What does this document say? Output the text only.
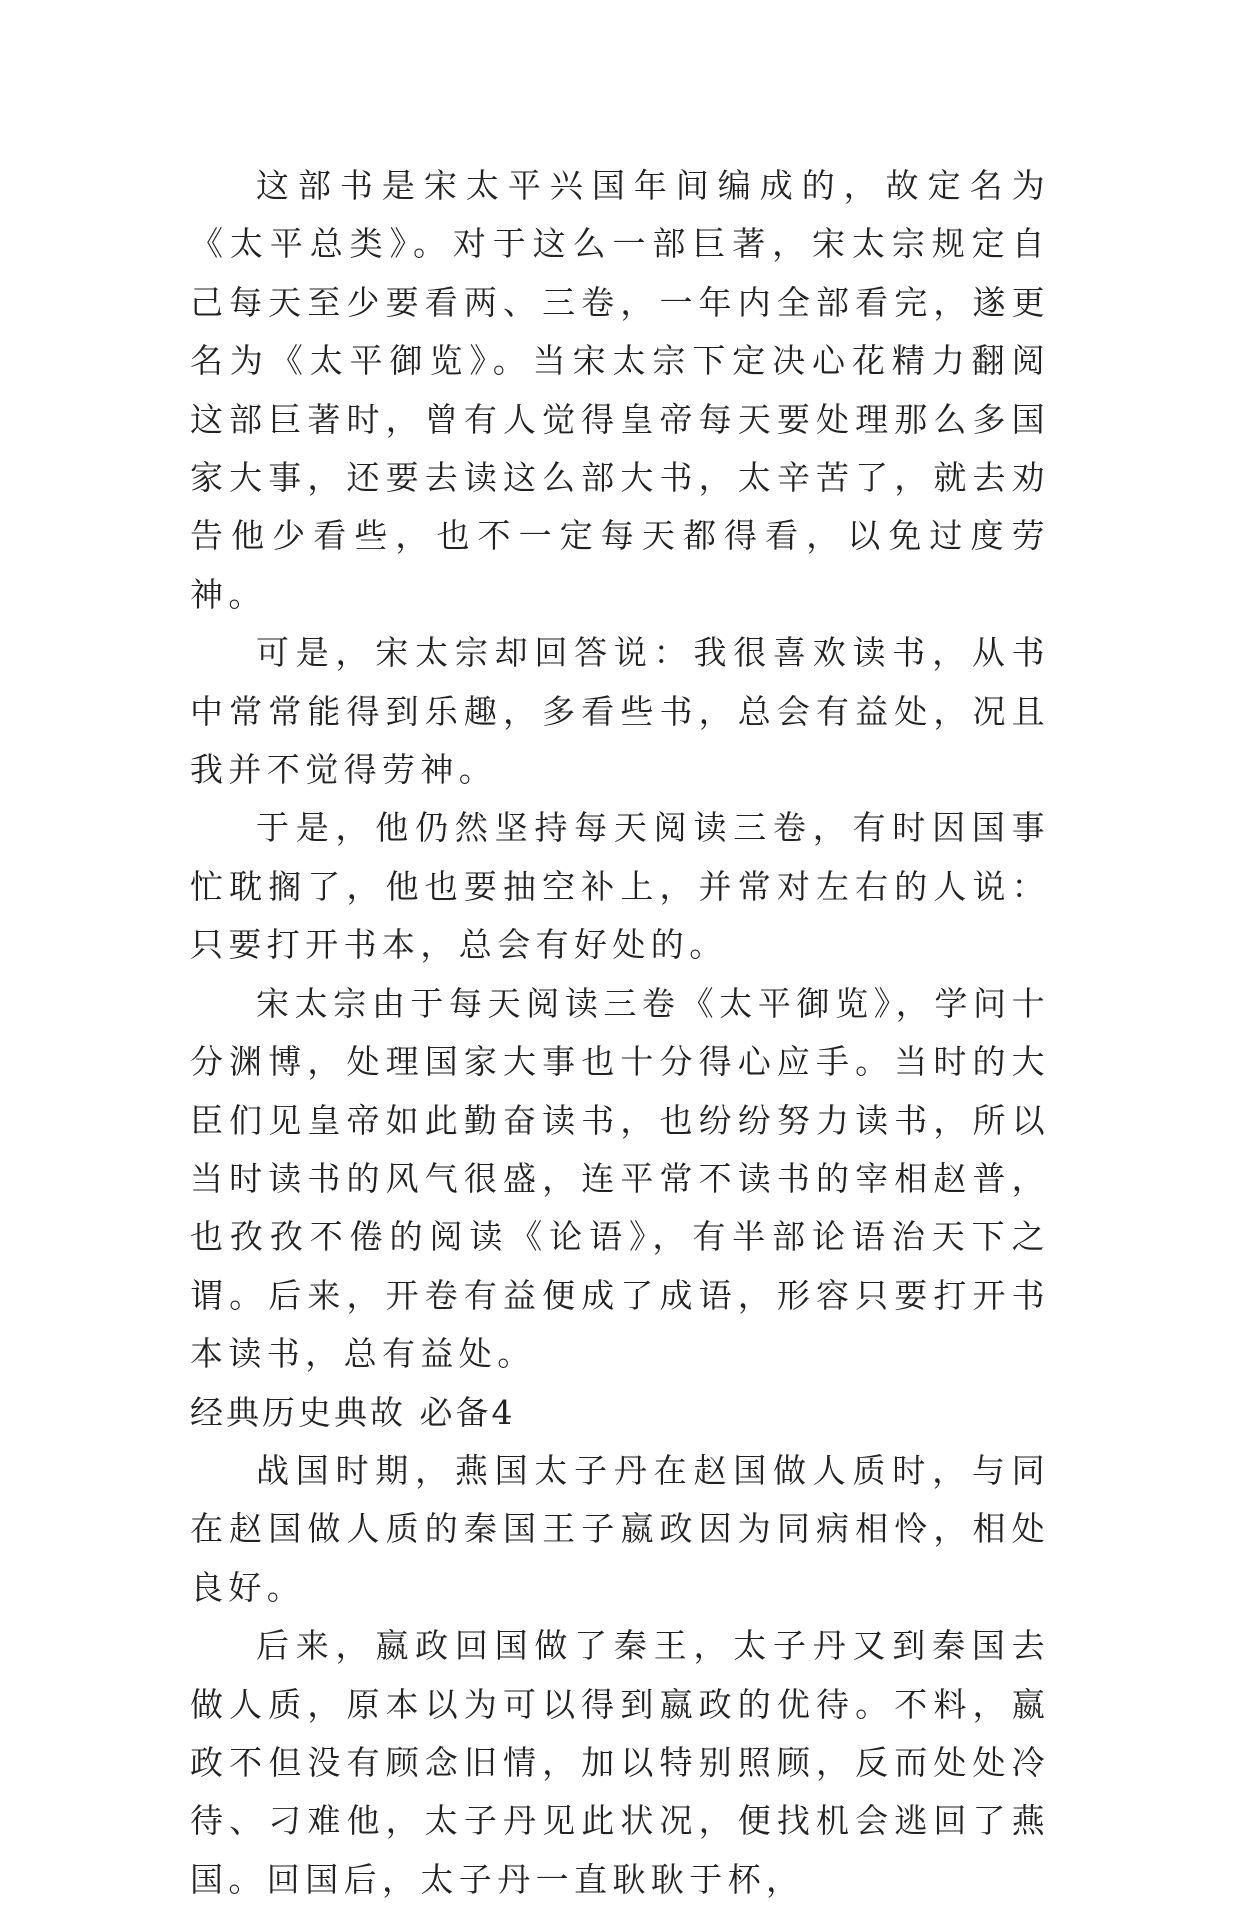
这部书是宋太平兴国年间编成的，故定名为《太平总类》。对于这么一部巨著，宋太宗规定自己每天至少要看两、三卷，一年内全部看完，遂更名为《太平御览》。当宋太宗下定决心花精力翻阅这部巨著时，曾有人觉得皇帝每天要处理那么多国家大事，还要去读这么部大书，太辛苦了，就去劝告他少看些，也不一定每天都得看，以免过度劳神。

可是，宋太宗却回答说：我很喜欢读书，从书中常常能得到乐趣，多看些书，总会有益处，况且我并不觉得劳神。

于是，他仍然坚持每天阅读三卷，有时因国事忙耽搁了，他也要抽空补上，并常对左右的人说：只要打开书本，总会有好处的。

宋太宗由于每天阅读三卷《太平御览》，学问十分渊博，处理国家大事也十分得心应手。当时的大臣们见皇帝如此勤奋读书，也纷纷努力读书，所以当时读书的风气很盛，连平常不读书的宰相赵普，也孜孜不倦的阅读《论语》，有半部论语治天下之谓。后来，开卷有益便成了成语，形容只要打开书本读书，总有益处。

经典历史典故 必备4

战国时期，燕国太子丹在赵国做人质时，与同在赵国做人质的秦国王子嬴政因为同病相怜，相处良好。

后来，嬴政回国做了秦王，太子丹又到秦国去做人质，原本以为可以得到嬴政的优待。不料，嬴政不但没有顾念旧情，加以特别照顾，反而处处冷待、刁难他，太子丹见此状况，便找机会逃回了燕国。回国后，太子丹一直耿耿于杯，
